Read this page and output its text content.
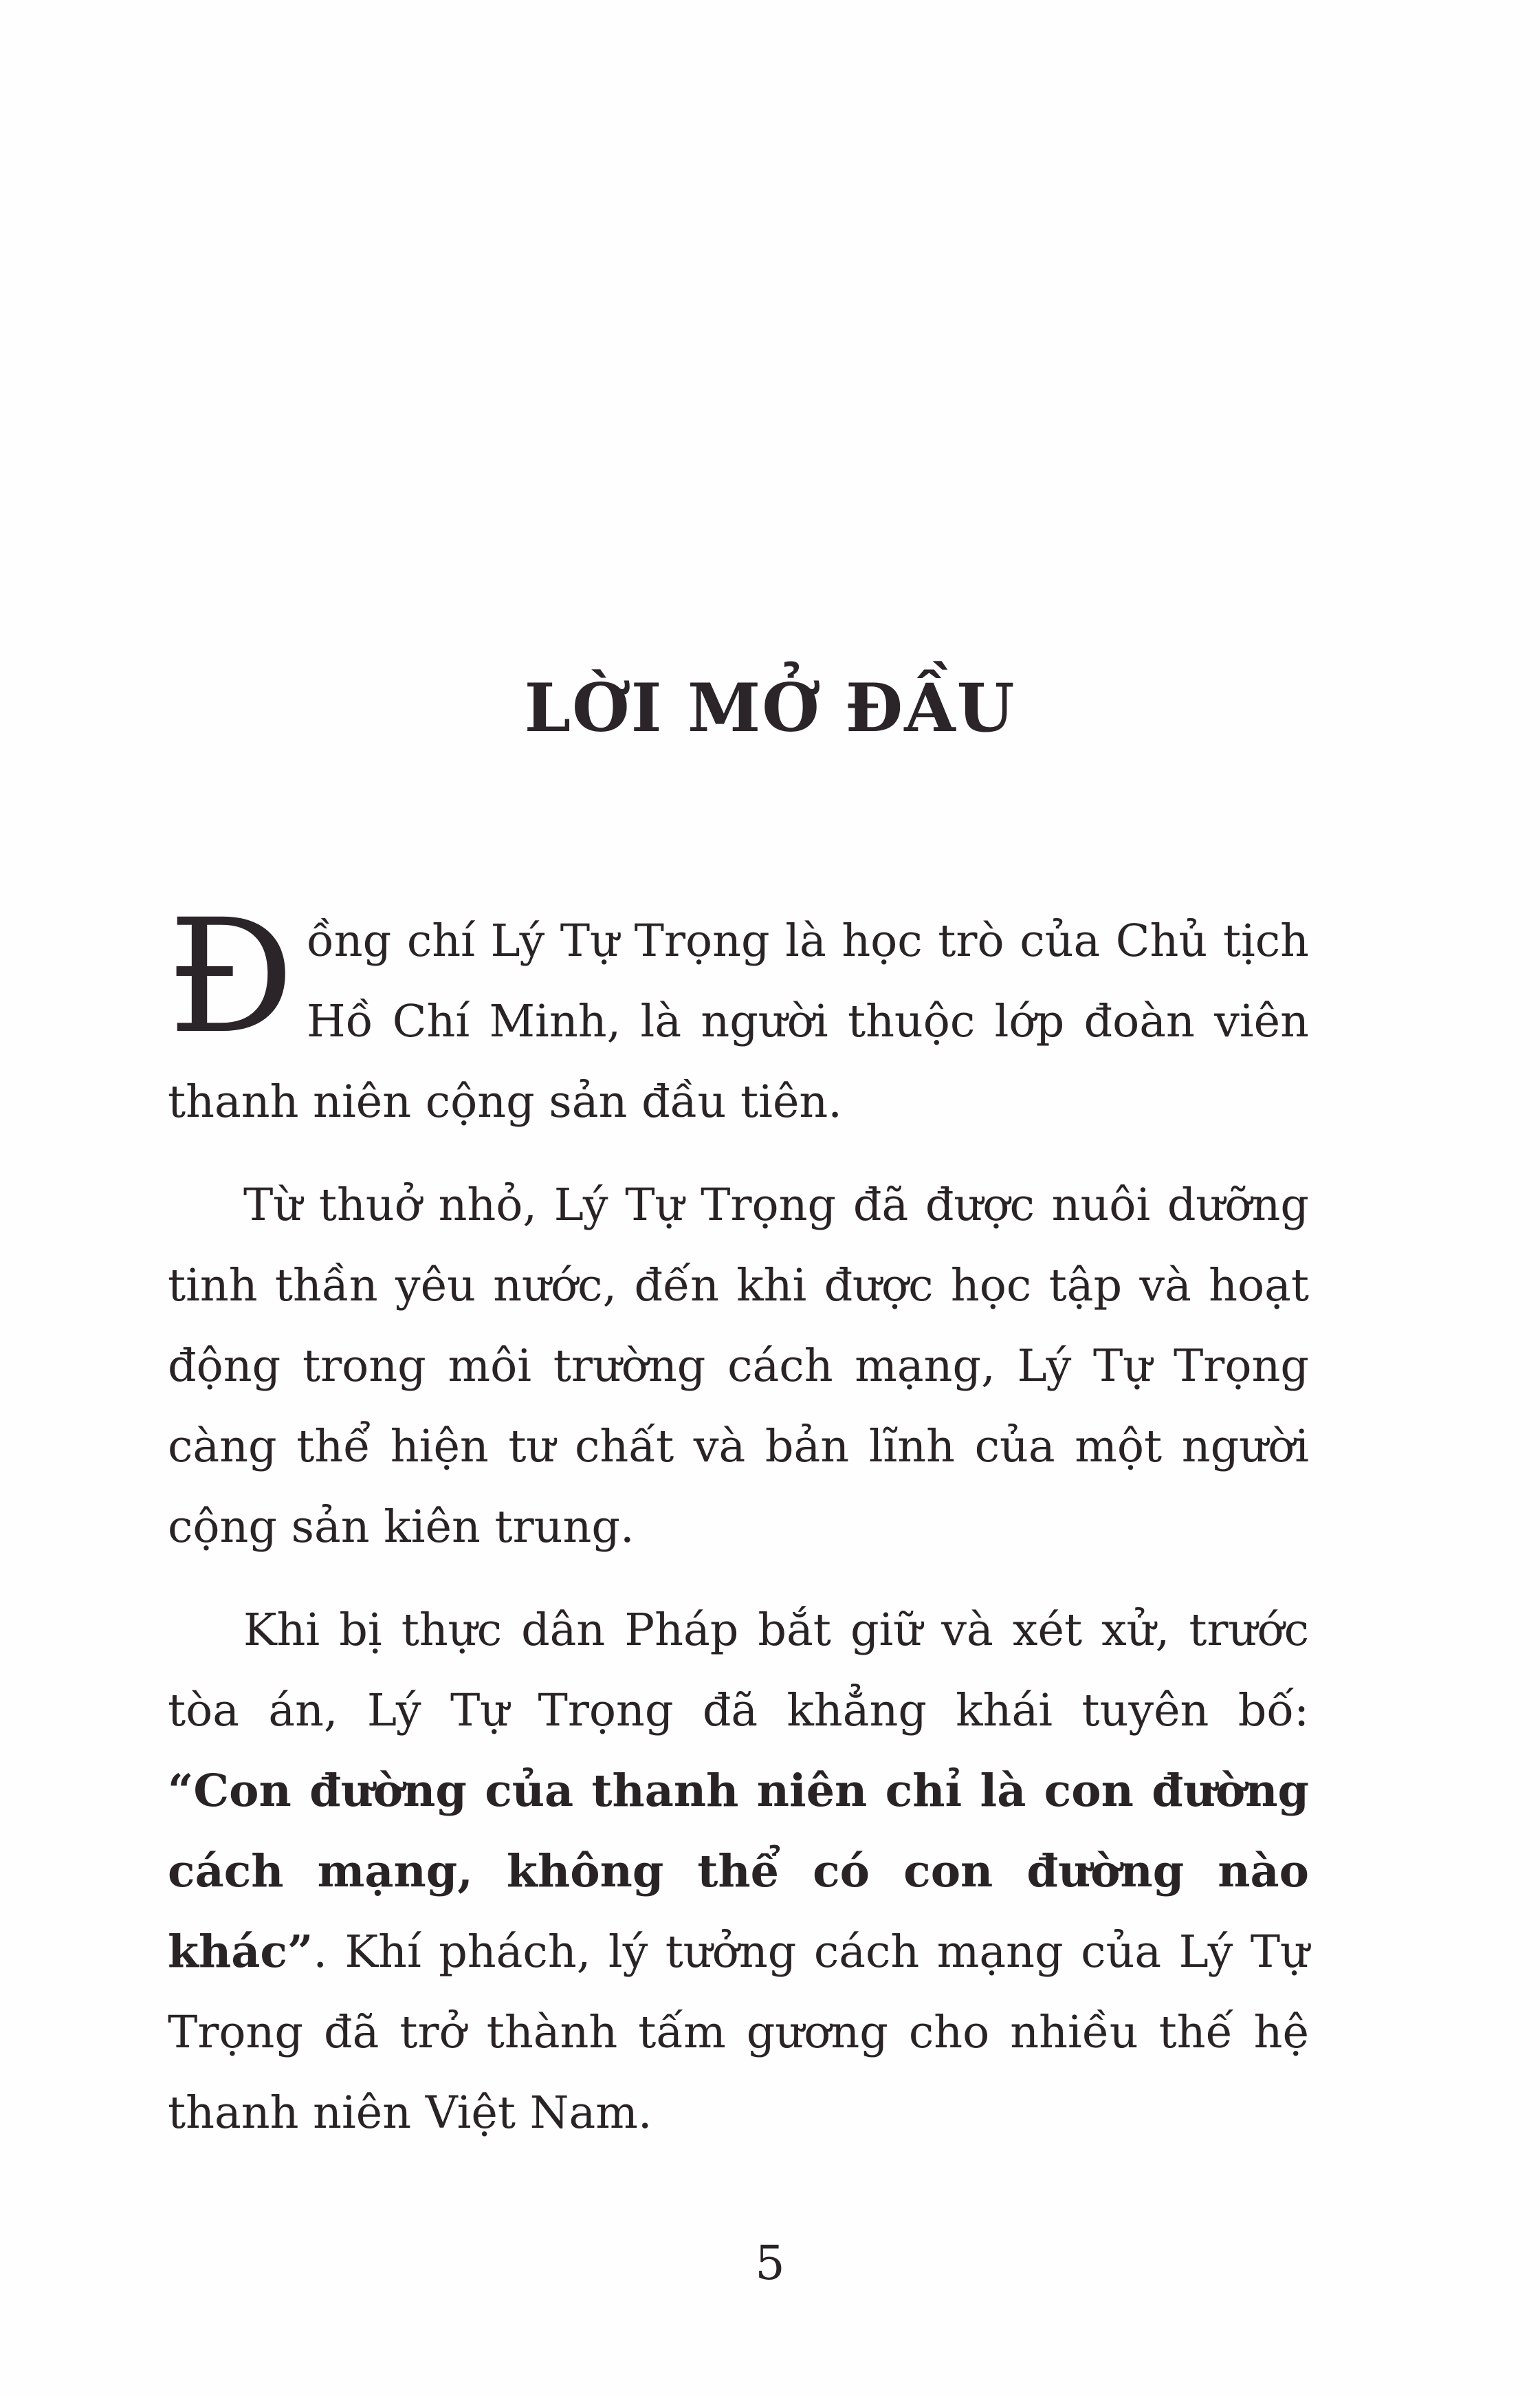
LỜI MỞ ĐẦU

Đồng chí Lý Tự Trọng là học trò của Chủ tịch Hồ Chí Minh, là người thuộc lớp đoàn viên thanh niên cộng sản đầu tiên.

Từ thuở nhỏ, Lý Tự Trọng đã được nuôi dưỡng tinh thần yêu nước, đến khi được học tập và hoạt động trong môi trường cách mạng, Lý Tự Trọng càng thể hiện tư chất và bản lĩnh của một người cộng sản kiên trung.

Khi bị thực dân Pháp bắt giữ và xét xử, trước tòa án, Lý Tự Trọng đã khẳng khái tuyên bố: “Con đường của thanh niên chỉ là con đường cách mạng, không thể có con đường nào khác”. Khí phách, lý tưởng cách mạng của Lý Tự Trọng đã trở thành tấm gương cho nhiều thế hệ thanh niên Việt Nam.

5
